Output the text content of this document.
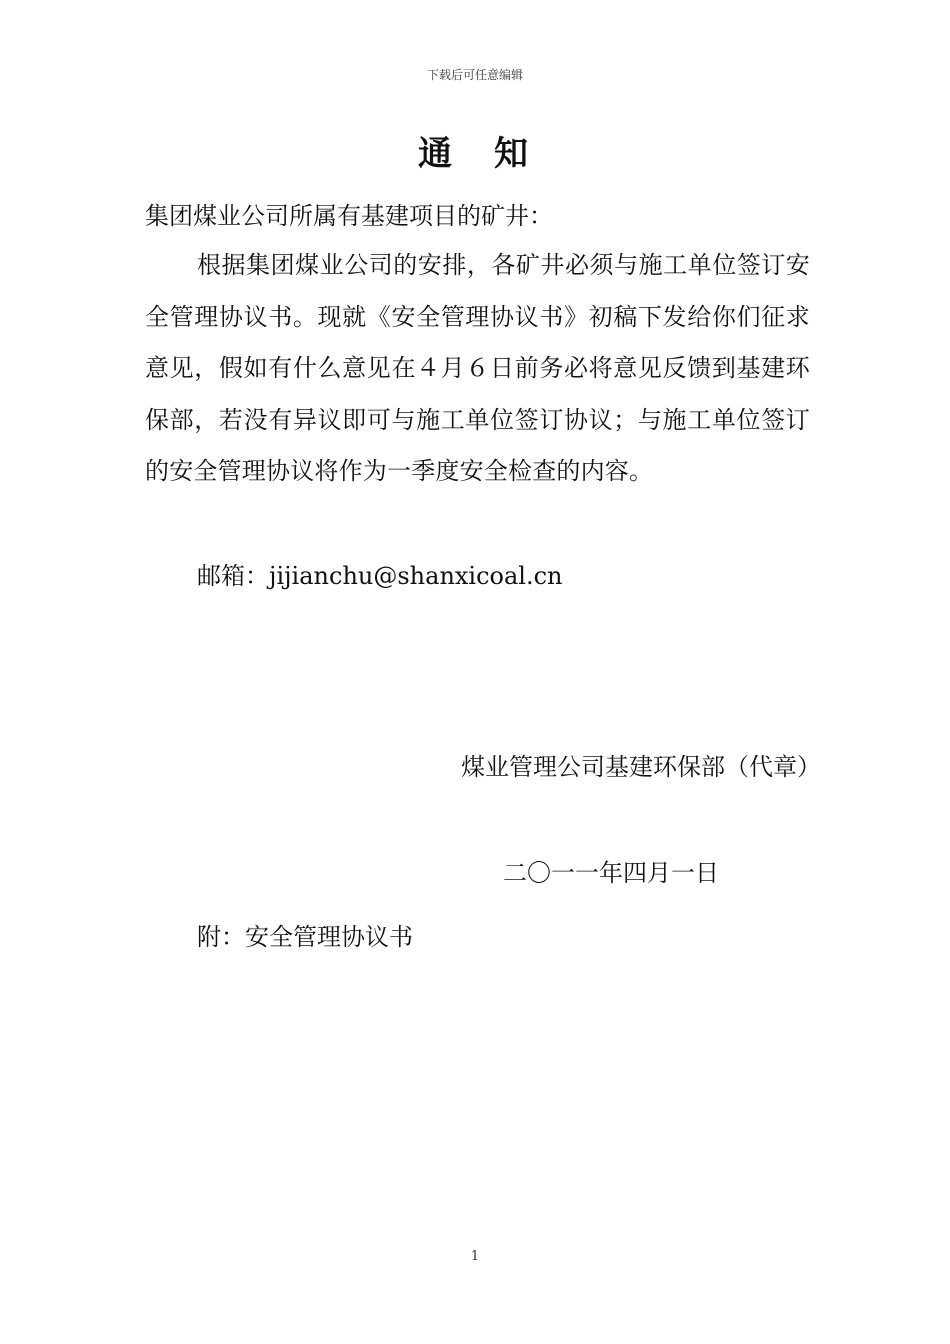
下载后可任意编辑
通 知
集团煤业公司所属有基建项目的矿井：
根据集团煤业公司的安排，各矿井必须与施工单位签订安全管理协议书。现就《安全管理协议书》初稿下发给你们征求意见，假如有什么意见在４月６日前务必将意见反馈到基建环保部，若没有异议即可与施工单位签订协议；与施工单位签订的安全管理协议将作为一季度安全检查的内容。
邮箱：jijianchu@shanxicoal.cn
煤业管理公司基建环保部（代章）
二〇一一年四月一日
附：安全管理协议书
1
